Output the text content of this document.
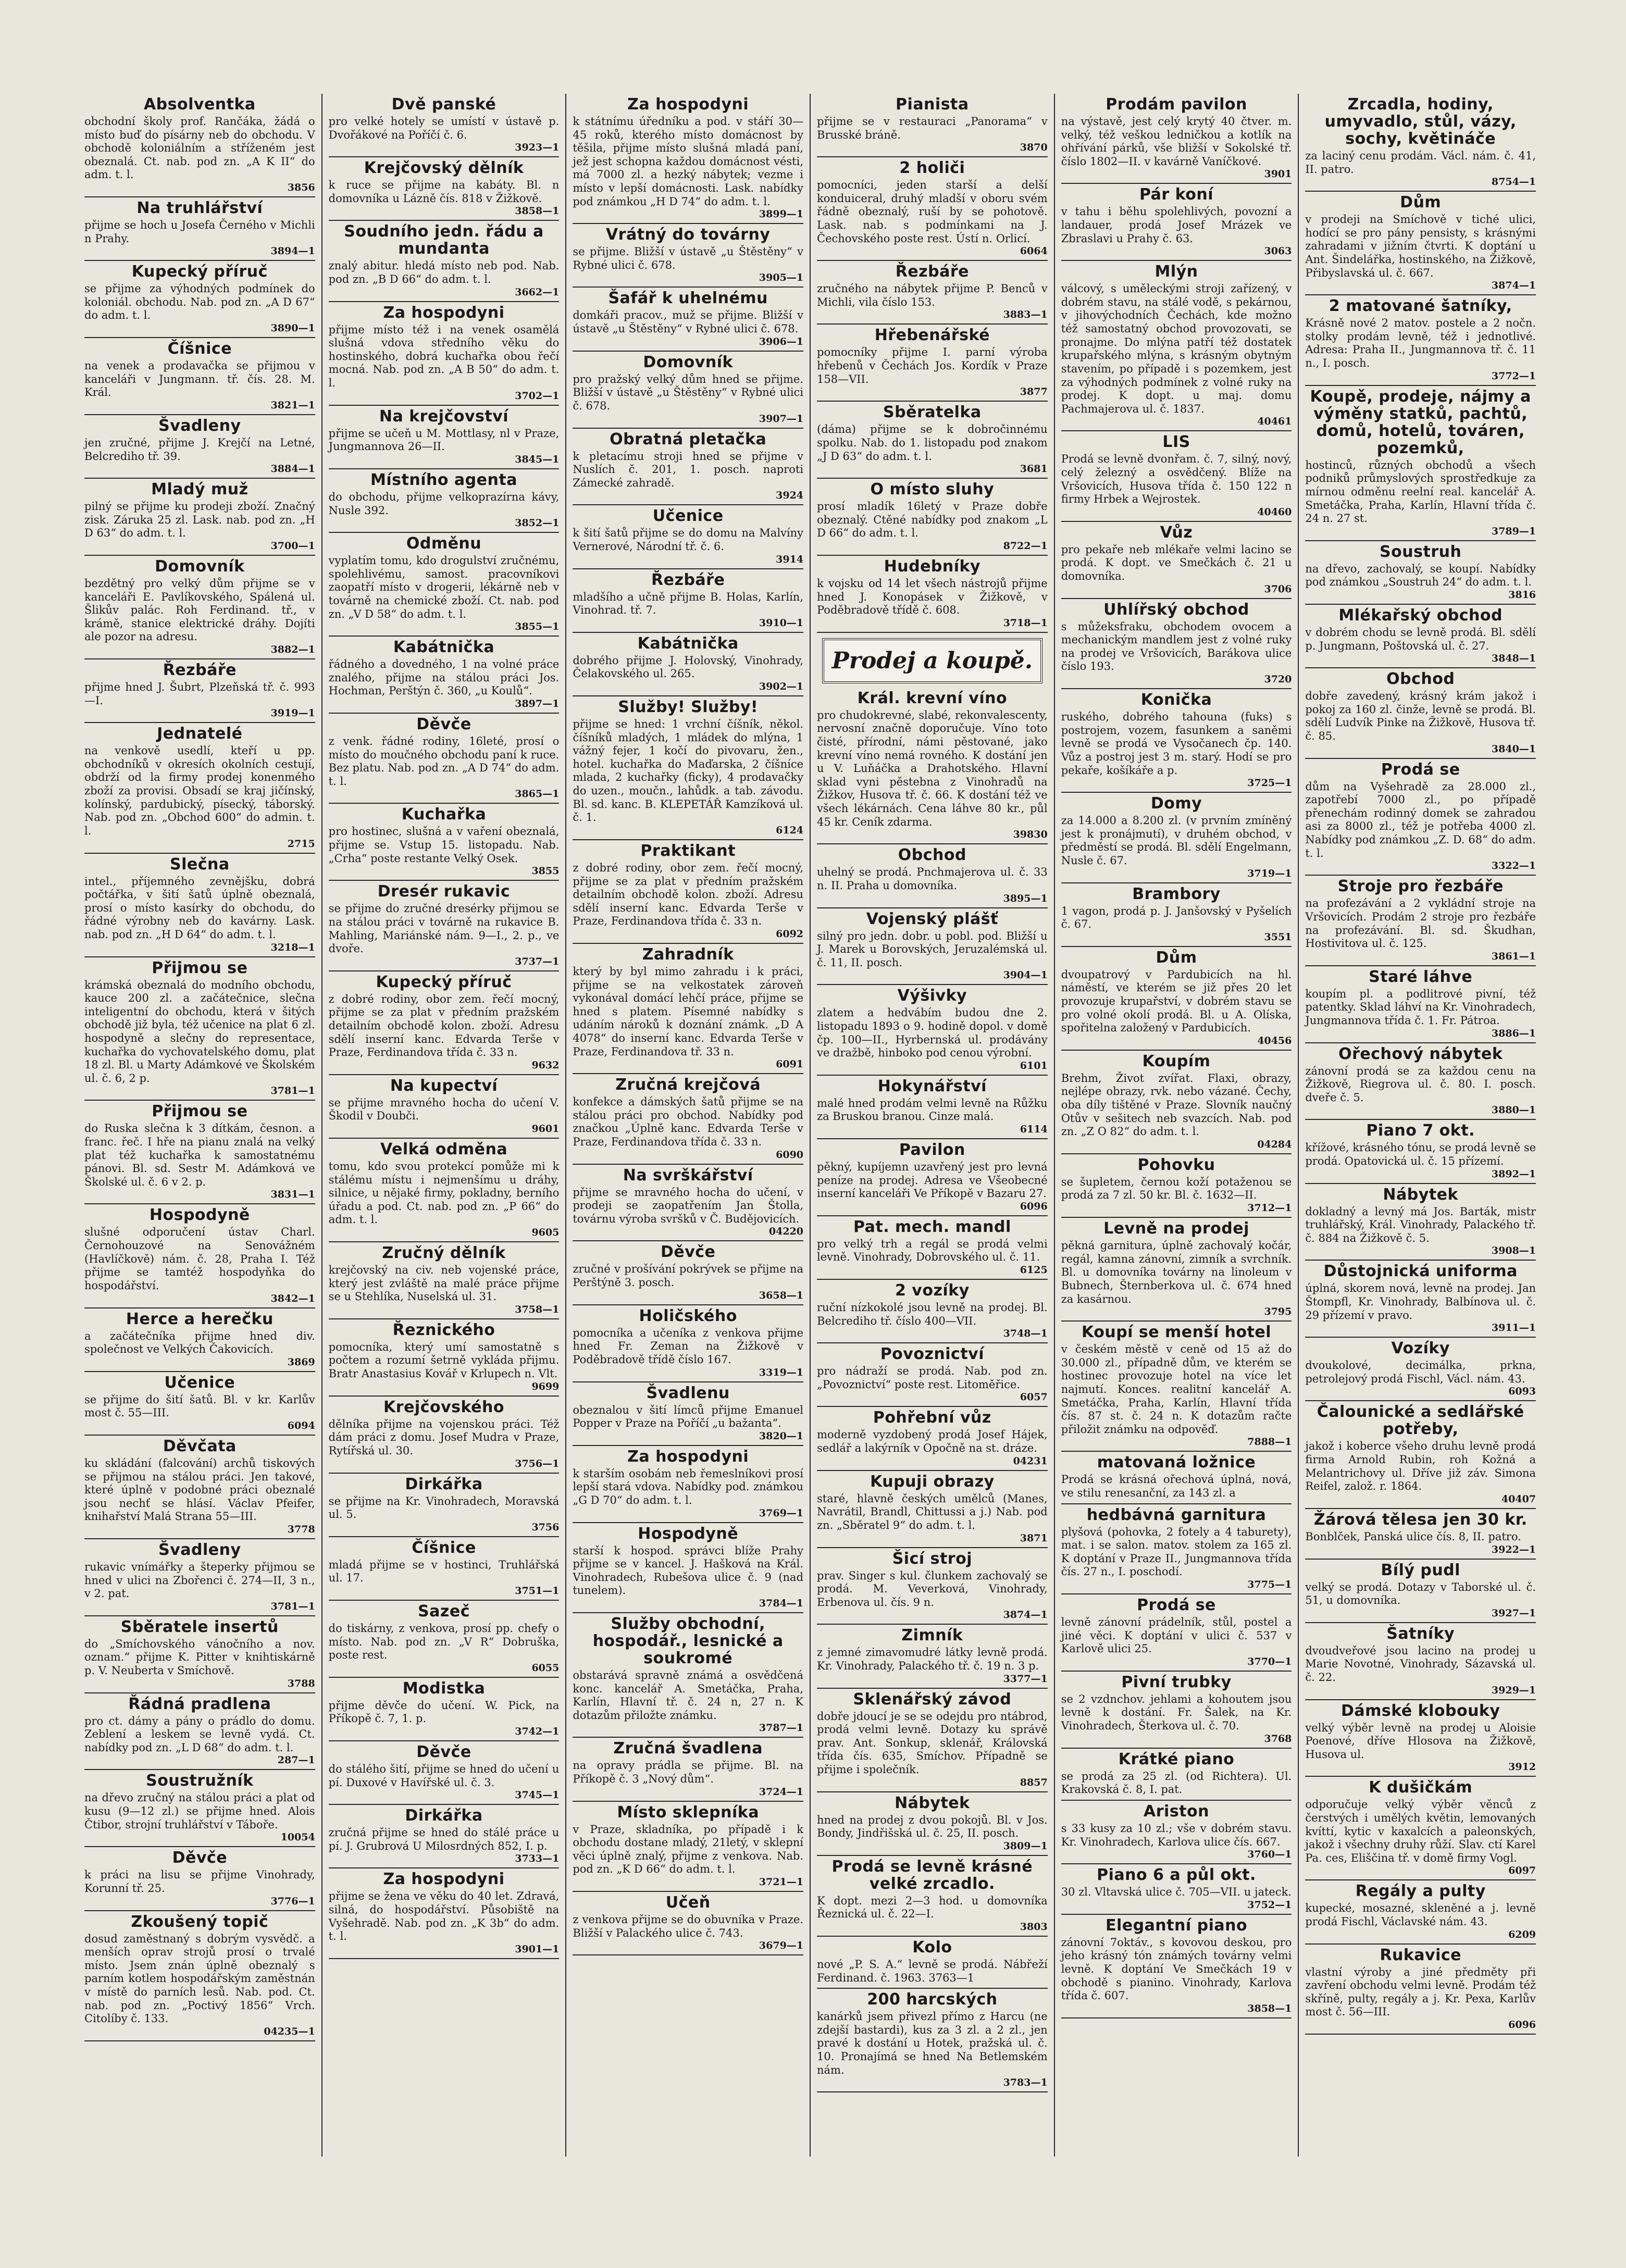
Absolventka

obchodní školy prof. Rančáka, žádá o místo buď do písárny neb do obchodu. V obchodě koloniálním a stříženém jest obeznalá. Ct. nab. pod zn. „A K II“ do adm. t. l.

3856
Na truhlářství

přijme se hoch u Josefa Černého v Michli n Prahy.

3894—1
Kupecký příruč

se přijme za výhodných podmínek do koloniál. obchodu. Nab. pod zn. „A D 67“ do adm. t. l.

3890—1
Číšnice

na venek a prodavačka se přijmou v kanceláři v Jungmann. tř. čís. 28. M. Král.

3821—1
Švadleny

jen zručné, přijme J. Krejčí na Letné, Belcrediho tř. 39.

3884—1
Mladý muž

pilný se přijme ku prodeji zboží. Značný zisk. Záruka 25 zl. Lask. nab. pod zn. „H D 63“ do adm. t. l.

3700—1
Domovník

bezdětný pro velký dům přijme se v kanceláři E. Pavlíkovského, Spálená ul. Šlikův palác. Roh Ferdinand. tř., v krámě, stanice elektrické dráhy. Dojíti ale pozor na adresu.

3882—1
Řezbáře

přijme hned J. Šubrt, Plzeňská tř. č. 993—I.

3919—1
Jednatelé

na venkově usedlí, kteří u pp. obchodníků v okresích okolních cestují, obdrží od la firmy prodej konenmého zboží za provisi. Obsadí se kraj jičínský, kolínský, pardubický, písecký, táborský. Nab. pod zn. „Obchod 600“ do admin. t. l.

2715
Slečna

intel., příjemného zevnějšku, dobrá počtářka, v šití šatů úplně obeznalá, prosí o místo kasírky do obchodu, do řádné výrobny neb do kavárny. Lask. nab. pod zn. „H D 64“ do adm. t. l.

3218—1
Přijmou se

krámská obeznalá do modního obchodu, kauce 200 zl. a začátečnice, slečna inteligentní do obchodu, která v šitých obchodě již byla, též učenice na plat 6 zl. hospodyně a slečny do representace, kuchařka do vychovatelského domu, plat 18 zl. Bl. u Marty Adámkové ve Školském ul. č. 6, 2 p.

3781—1
Přijmou se

do Ruska slečna k 3 dítkám, česnon. a franc. řeč. I hře na pianu znalá na velký plat též kuchařka k samostatnému pánovi. Bl. sd. Sestr M. Adámková ve Školské ul. č. 6 v 2. p.

3831—1
Hospodyně

slušné odporučení ústav Charl. Černohouzové na Senovážném (Havlíčkově) nám. č. 28, Praha I. Též přijme se tamtéž hospodyňka do hospodářství.

3842—1
Herce a herečku

a začátečníka přijme hned div. společnost ve Velkých Čakovicích.

3869
Učenice

se přijme do šití šatů. Bl. v kr. Karlův most č. 55—III.

6094
Děvčata

ku skládání (falcování) archů tiskových se přijmou na stálou práci. Jen takové, které úplně v podobné práci obeznalé jsou nechť se hlásí. Václav Pfeifer, knihařství Malá Strana 55—III.

3778
Švadleny

rukavic vnímářky a šteperky přijmou se hned v ulici na Zbořenci č. 274—II, 3 n., v 2. pat.

3781—1
Sběratele insertů

do „Smíchovského vánočního a nov. oznam.“ přijme K. Pitter v knihtiskárně p. V. Neuberta v Smíchově.

3788
Řádná pradlena

pro ct. dámy a pány o prádlo do domu. Zeblení a leskem se levně vydá. Ct. nabídky pod zn. „L D 68“ do adm. t. l.

287—1
Soustružník

na dřevo zručný na stálou práci a plat od kusu (9—12 zl.) se přijme hned. Alois Čtibor, strojní truhlářství v Táboře.

10054
Děvče

k práci na lisu se přijme Vinohrady, Korunní tř. 25.

3776—1
Zkoušený topič

dosud zaměstnaný s dobrým vysvědč. a menších oprav strojů prosí o trvalé místo. Jsem znán úplně obeznalý s parním kotlem hospodářským zaměstnán v místě do parních lesů. Nab. pod. Ct. nab. pod zn. „Poctivý 1856“ Vrch. Citolíby č. 133.

04235—1
Dvě panské

pro velké hotely se umístí v ústavě p. Dvořákové na Poříčí č. 6.

3923—1
Krejčovský dělník

k ruce se přijme na kabáty. Bl. n domovníka u Lázně čís. 818 v Žižkově.

3858—1
Soudního jedn. řádu a mundanta

znalý abitur. hledá místo neb pod. Nab. pod zn. „B D 66“ do adm. t. l.

3662—1
Za hospodyni

přijme místo též i na venek osamělá slušná vdova středního věku do hostinského, dobrá kuchařka obou řečí mocná. Nab. pod zn. „A B 50“ do adm. t. l.

3702—1
Na krejčovství

přijme se učeň u M. Mottlasy, nl v Praze, Jungmannova 26—II.

3845—1
Místního agenta

do obchodu, přijme velkoprazírna kávy, Nusle 392.

3852—1
Odměnu

vyplatím tomu, kdo drogulství zručnému, spolehlivému, samost. pracovníkovi zaopatří místo v drogerii, lékárně neb v továrně na chemické zboží. Ct. nab. pod zn. „V D 58“ do adm. t. l.

3855—1
Kabátnička

řádného a dovedného, 1 na volné práce znalého, přijme na stálou práci Jos. Hochman, Perštýn č. 360, „u Koulů“.

3897—1
Děvče

z venk. řádné rodiny, 16leté, prosí o místo do moučného obchodu paní k ruce. Bez platu. Nab. pod zn. „A D 74“ do adm. t. l.

3865—1
Kuchařka

pro hostinec, slušná a v vaření obeznalá, přijme se. Vstup 15. listopadu. Nab. „Crha“ poste restante Velký Osek.

3855
Dresér rukavic

se přijme do zručné dresérky přijmou se na stálou práci v továrně na rukavice B. Mahling, Mariánské nám. 9—I., 2. p., ve dvoře.

3737—1
Kupecký příruč

z dobré rodiny, obor zem. řečí mocný, přijme se za plat v předním pražském detailním obchodě kolon. zboží. Adresu sdělí inserní kanc. Edvarda Terše v Praze, Ferdinandova třída č. 33 n.

9632
Na kupectví

se přijme mravného hocha do učení V. Škodil v Doubči.

9601
Velká odměna

tomu, kdo svou protekcí pomůže mi k stálému místu i nejmenšímu u dráhy, silnice, u nějaké firmy, pokladny, berního úřadu a pod. Ct. nab. pod zn. „P 66“ do adm. t. l.

9605
Zručný dělník

krejčovský na civ. neb vojenské práce, který jest zvláště na malé práce přijme se u Stehlíka, Nuselská ul. 31.

3758—1
Řeznického

pomocníka, který umí samostatně s počtem a rozumí šetrně vykláda přijmu. Bratr Anastasius Kovář v Krlupech n. Vlt.

9699
Krejčovského

dělníka přijme na vojenskou práci. Též dám práci z domu. Josef Mudra v Praze, Rytířská ul. 30.

3756—1
Dirkářka

se přijme na Kr. Vinohradech, Moravská ul. 5.

3756
Číšnice

mladá přijme se v hostinci, Truhlářská ul. 17.

3751—1
Sazeč

do tiskárny, z venkova, prosí pp. chefy o místo. Nab. pod zn. „V R“ Dobruška, poste rest.

6055
Modistka

přijme děvče do učení. W. Pick, na Příkopě č. 7, 1. p.

3742—1
Děvče

do stálého šití, přijme se hned do učení u pí. Duxové v Havířské ul. č. 3.

3745—1
Dirkářka

zručná přijme se hned do stálé práce u pí. J. Grubrová U Milosrdných 852, I. p.

3733—1
Za hospodyni

přijme se žena ve věku do 40 let. Zdravá, silná, do hospodářství. Působiště na Vyšehradě. Nab. pod zn. „K 3b“ do adm. t. l.

3901—1
Za hospodyni

k státnímu úředníku a pod. v stáří 30—45 roků, kterého místo domácnost by těšila, přijme místo slušná mladá paní, jež jest schopna každou domácnost vésti, má 7000 zl. a hezký nábytek; vezme i místo v lepší domácnosti. Lask. nabídky pod známkou „H D 74“ do adm. t. l.

3899—1
Vrátný do továrny

se přijme. Bližší v ústavě „u Štěstěny“ v Rybné ulici č. 678.

3905—1
Šafář k uhelnému

domkáři pracov., muž se přijme. Bližší v ústavě „u Štěstěny“ v Rybné ulici č. 678.

3906—1
Domovník

pro pražský velký dům hned se přijme. Bližší v ústavě „u Štěstěny“ v Rybné ulici č. 678.

3907—1
Obratná pletačka

k pletacímu stroji hned se přijme v Nuslích č. 201, 1. posch. naproti Zámecké zahradě.

3924
Učenice

k šití šatů přijme se do domu na Malvíny Vernerové, Národní tř. č. 6.

3914
Řezbáře

mladšího a učně přijme B. Holas, Karlín, Vinohrad. tř. 7.

3910—1
Kabátnička

dobrého přijme J. Holovský, Vinohrady, Čelakovského ul. 265.

3902—1
Služby! Služby!

přijme se hned: 1 vrchní číšník, někol. číšníků mladých, 1 mládek do mlýna, 1 vážný fejer, 1 kočí do pivovaru, žen., hotel. kuchařka do Maďarska, 2 číšníce mlada, 2 kuchařky (ficky), 4 prodavačky do uzen., moučn., lahůdk. a tab. závodu. Bl. sd. kanc. B. KLEPETÁŘ Kamzíková ul. č. 1.

6124
Praktikant

z dobré rodiny, obor zem. řečí mocný, přijme se za plat v předním pražském detailním obchodě kolon. zboží. Adresu sdělí inserní kanc. Edvarda Terše v Praze, Ferdinandova třída č. 33 n.

6092
Zahradník

který by byl mimo zahradu i k práci, přijme se na velkostatek zároveň vykonával domácí lehčí práce, přijme se hned s platem. Písemné nabídky s udáním nároků k doznání známk. „D A 4078“ do inserní kanc. Edvarda Terše v Praze, Ferdinandova tř. 33 n.

6091
Zručná krejčová

konfekce a dámských šatů přijme se na stálou práci pro obchod. Nabídky pod značkou „Úplně kanc. Edvarda Terše v Praze, Ferdinandova třída č. 33 n.

6090
Na svrškářství

přijme se mravného hocha do učení, v prodeji se zaopatřením Jan Štolla, továrnu výroba svršků v Č. Budějovicích.

04220
Děvče

zručné v prošívání pokrývek se přijme na Perštýně 3. posch.

3658—1
Holičského

pomocníka a učeníka z venkova přijme hned Fr. Zeman na Žižkově v Poděbradově třídě číslo 167.

3319—1
Švadlenu

obeznalou v šití límců přijme Emanuel Popper v Praze na Poříčí „u bažanta“.

3820—1
Za hospodyni

k starším osobám neb řemeslníkovi prosí lepší stará vdova. Nabídky pod. známkou „G D 70“ do adm. t. l.

3769—1
Hospodyně

starší k hospod. správci blíže Prahy přijme se v kancel. J. Hašková na Král. Vinohradech, Rubešova ulice č. 9 (nad tunelem).

3784—1
Služby obchodní, hospodář., lesnické a soukromé

obstarává spravně známá a osvědčená konc. kancelář A. Smetáčka, Praha, Karlín, Hlavní tř. č. 24 n, 27 n. K dotazům přiložte známku.

3787—1
Zručná švadlena

na opravy prádla se přijme. Bl. na Příkopě č. 3 „Nový dům“.

3724—1
Místo sklepníka

v Praze, skladníka, po případě i k obchodu dostane mladý, 21letý, v sklepní věci úplně znalý, přijme z venkova. Nab. pod zn. „K D 66“ do adm. t. l.

3721—1
Učeň

z venkova přijme se do obuvníka v Praze. Bližší v Palackého ulice č. 743.

3679—1
Pianista

přijme se v restauraci „Panorama“ v Brusské bráně.

3870
2 holiči

pomocníci, jeden starší a delší konduiceral, druhý mladší v oboru svém řádně obeznalý, ruší by se pohotově. Lask. nab. s podmínkami na J. Čechovského poste rest. Ústí n. Orlicí.

6064
Řezbáře

zručného na nábytek přijme P. Benců v Michli, vila číslo 153.

3883—1
Hřebenářské

pomocníky přijme I. parní výroba hřebenů v Čechách Jos. Kordík v Praze 158—VII.

3877
Sběratelka

(dáma) přijme se k dobročinnému spolku. Nab. do 1. listopadu pod znakom „J D 63“ do adm. t. l.

3681
O místo sluhy

prosí mladík 16letý v Praze dobře obeznalý. Ctěné nabídky pod znakom „L D 66“ do adm. t. l.

8722—1
Hudebníky

k vojsku od 14 let všech nástrojů přijme hned J. Konopásek v Žižkově, v Poděbradově třídě č. 608.

3718—1
Prodej a koupě.
Král. krevní víno

pro chudokrevné, slabé, rekonvalescenty, nervosní značně doporučuje. Víno toto čisté, přírodní, námi pěstované, jako krevní víno nemá rovného. K dostání jen u V. Luňáčka a Drahotského. Hlavní sklad vyni pěstebna z Vinohradů na Žižkov, Husova tř. č. 66. K dostání též ve všech lékárnách. Cena láhve 80 kr., půl 45 kr. Ceník zdarma.

39830
Obchod

uhelný se prodá. Pnchmajerova ul. č. 33 n. II. Praha u domovníka.

3895—1
Vojenský plášť

silný pro jedn. dobr. u pobl. pod. Bližší u J. Marek u Borovských, Jeruzalémská ul. č. 11, II. posch.

3904—1
Výšivky

zlatem a hedvábím budou dne 2. listopadu 1893 o 9. hodině dopol. v domě čp. 100—II., Hyrbernská ul. prodávány ve dražbě, hinboko pod cenou výrobní.

6101
Hokynářství

malé hned prodám velmi levně na Růžku za Bruskou branou. Cinze malá.

6114
Pavilon

pěkný, kupíjemn uzavřený jest pro levná peníze na prodej. Adresa ve Všeobecné inserní kanceláři Ve Příkopě v Bazaru 27.

6096
Pat. mech. mandl

pro velký trh a regál se prodá velmi levně. Vinohrady, Dobrovského ul. č. 11.

6125
2 vozíky

ruční nízkokolé jsou levně na prodej. Bl. Belcrediho tř. číslo 400—VII.

3748—1
Povoznictví

pro nádraží se prodá. Nab. pod zn. „Povoznictví“ poste rest. Litoměřice.

6057
Pohřební vůz

moderně vyzdobený prodá Josef Hájek, sedlář a lakýrník v Opočně na st. dráze.

04231
Kupuji obrazy

staré, hlavně českých umělců (Manes, Navrátil, Brandl, Chittussi a j.) Nab. pod zn. „Sběratel 9“ do adm. t. l.

3871
Šicí stroj

prav. Singer s kul. člunkem zachovalý se prodá. M. Veverková, Vinohrady, Erbenova ul. čís. 9 n.

3874—1
Zimník

z jemné zimavomudré látky levně prodá. Kr. Vinohrady, Palackého tř. č. 19 n. 3 p.

3377—1
Sklenářský závod

dobře jdoucí je se se odejdu pro ntábrod, prodá velmi levně. Dotazy ku správě prav. Ant. Sonkup, sklenář, Královská třída čís. 635, Smíchov. Případně se přijme i společník.

8857
Nábytek

hned na prodej z dvou pokojů. Bl. v Jos. Bondy, Jindřišská ul. č. 25, II. posch.

3809—1
Prodá se levně krásné velké zrcadlo.

K dopt. mezi 2—3 hod. u domovníka Řeznická ul. č. 22—I.

3803
Kolo

nové „P. S. A.“ levně se prodá. Nábřeží Ferdinand. č. 1963. 3763—1

200 harcských

kanárků jsem přivezl přímo z Harcu (ne zdejší bastardi), kus za 3 zl. a 2 zl., jen pravé k dostání u Hotek, pražská ul. č. 10. Pronajímá se hned Na Betlemském nám.

3783—1
Prodám pavilon

na výstavě, jest celý krytý 40 čtver. m. velký, též veškou ledničkou a kotlík na ohřívání párků, vše bližší v Sokolské tř. číslo 1802—II. v kavárně Vaníčkové.

3901
Pár koní

v tahu i běhu spolehlivých, povozní a landauer, prodá Josef Mrázek ve Zbraslavi u Prahy č. 63.

3063
Mlýn

válcový, s uměleckými stroji zařízený, v dobrém stavu, na stálé vodě, s pekárnou, v jihovýchodních Čechách, kde možno též samostatný obchod provozovati, se pronajme. Do mlýna patří též dostatek krupařského mlýna, s krásným obytným stavením, po případě i s pozemkem, jest za výhodných podmínek z volné ruky na prodej. K dopt. u maj. domu Pachmajerova ul. č. 1837.

40461
LIS

Prodá se levně dvonřam. č. 7, silný, nový, celý železný a osvědčený. Blíže na Vršovicích, Husova třída č. 150 122 n firmy Hrbek a Wejrostek.

40460
Vůz

pro pekaře neb mlékaře velmi lacino se prodá. K dopt. ve Smečkách č. 21 u domovníka.

3706
Uhlířský obchod

s můžeksfraku, obchodem ovocem a mechanickým mandlem jest z volné ruky na prodej ve Vršovicích, Barákova ulice číslo 193.

3720
Konička

ruského, dobrého tahouna (fuks) s postrojem, vozem, fasunkem a saněmi levně se prodá ve Vysočanech čp. 140. Vůz a postroj jest 3 m. starý. Hodí se pro pekaře, košíkáře a p.

3725—1
Domy

za 14.000 a 8.200 zl. (v prvním zmíněný jest k pronájmutí), v druhém obchod, v předměstí se prodá. Bl. sdělí Engelmann, Nusle č. 67.

3719—1
Brambory

1 vagon, prodá p. J. Janšovský v Pyšelích č. 67.

3551
Dům

dvoupatrový v Pardubicích na hl. náměstí, ve kterém se již přes 20 let provozuje krupařství, v dobrém stavu se pro volné okolí prodá. Bl. u A. Olíska, spořitelna založený v Pardubicích.

40456
Koupím

Brehm, Život zvířat. Flaxi, obrazy, nejlépe obrazy, rvk. nebo vázané. Čechy, oba díly tištěné v Praze. Slovník naučný Otův v sešitech neb svazcích. Nab. pod zn. „Z O 82“ do adm. t. l.

04284
Pohovku

se šupletem, černou koží potaženou se prodá za 7 zl. 50 kr. Bl. č. 1632—II.

3712—1
Levně na prodej

pěkná garnitura, úplně zachovalý kočár, regál, kamna zánovní, zimník a svrchník. Bl. u domovníka továrny na linoleum v Bubnech, Šternberkova ul. č. 674 hned za kasárnou.

3795
Koupí se menší hotel

v českém městě v ceně od 15 až do 30.000 zl., případně dům, ve kterém se hostinec provozuje hotel na více let najmutí. Konces. realitní kancelář A. Smetáčka, Praha, Karlín, Hlavní třída čís. 87 st. č. 24 n. K dotazům račte přiložit známku na odpověď.

7888—1
matovaná ložnice

Prodá se krásná ořechová úplná, nová, ve stilu renesanční, za 143 zl. a

hedbávná garnitura

plyšová (pohovka, 2 fotely a 4 taburety), mat. i se salon. matov. stolem za 165 zl. K doptání v Praze II., Jungmannova třída čís. 27 n., I. poschodí.

3775—1
Prodá se

levně zánovní prádelník, stůl, postel a jiné věci. K doptání v ulici č. 537 v Karlově ulici 25.

3770—1
Pivní trubky

se 2 vzdnchov. jehlami a kohoutem jsou levně k dostání. Fr. Šalek, na Kr. Vinohradech, Šterkova ul. č. 70.

3768
Krátké piano

se prodá za 25 zl. (od Richtera). Ul. Krakovská č. 8, I. pat.

Ariston

s 33 kusy za 10 zl.; vše v dobrém stavu. Kr. Vinohradech, Karlova ulice čís. 667.

3760—1
Piano 6 a půl okt.

30 zl. Vltavská ulice č. 705—VII. u jateck.

3752—1
Elegantní piano

zánovní 7oktáv., s kovovou deskou, pro jeho krásný tón známých továrny velmi levně. K doptání Ve Smečkách 19 v obchodě s pianino. Vinohrady, Karlova třída č. 607.

3858—1
Zrcadla, hodiny, umyvadlo, stůl, vázy, sochy, květináče

za laciný cenu prodám. Václ. nám. č. 41, II. patro.

8754—1
Dům

v prodeji na Smíchově v tiché ulici, hodící se pro pány pensisty, s krásnými zahradami v jižním čtvrti. K doptání u Ant. Šindelářka, hostinského, na Žižkově, Přibyslavská ul. č. 667.

3874—1
2 matované šatníky,

Krásně nové 2 matov. postele a 2 nočn. stolky prodám levně, též i jednotlivé. Adresa: Praha II., Jungmannova tř. č. 11 n., I. posch.

3772—1
Koupě, prodeje, nájmy a výměny statků, pachtů, domů, hotelů, továren, pozemků,

hostinců, různých obchodů a všech podniků průmyslových sprostředkuje za mírnou odměnu reelní real. kancelář A. Smetáčka, Praha, Karlín, Hlavní třída č. 24 n. 27 st.

3789—1
Soustruh

na dřevo, zachovalý, se koupí. Nabídky pod známkou „Soustruh 24“ do adm. t. l.

3816
Mlékařský obchod

v dobrém chodu se levně prodá. Bl. sdělí p. Jungmann, Poštovská ul. č. 27.

3848—1
Obchod

dobře zavedený, krásný krám jakož i pokoj za 160 zl. činže, levně se prodá. Bl. sdělí Ludvík Pinke na Žižkově, Husova tř. č. 85.

3840—1
Prodá se

dům na Vyšehradě za 28.000 zl., zapotřebí 7000 zl., po případě přenechám rodinný domek se zahradou asi za 8000 zl., též je potřeba 4000 zl. Nabídky pod známkou „Z. D. 68“ do adm. t. l.

3322—1
Stroje pro řezbáře

na profezávání a 2 vykládní stroje na Vršovicích. Prodám 2 stroje pro řezbáře na profezávání. Bl. sd. Škudhan, Hostivitova ul. č. 125.

3861—1
Staré láhve

koupím pl. a podlitrové pivní, též patentky. Sklad láhví na Kr. Vinohradech, Jungmannova třída č. 1. Fr. Pátroa.

3886—1
Ořechový nábytek

zánovní prodá se za každou cenu na Žižkově, Riegrova ul. č. 80. I. posch. dveře č. 5.

3880—1
Piano 7 okt.

křížové, krásného tónu, se prodá levně se prodá. Opatovická ul. č. 15 přízemí.

3892—1
Nábytek

dokladný a levný má Jos. Barták, mistr truhlářský, Král. Vinohrady, Palackého tř. č. 884 na Žižkově č. 5.

3908—1
Důstojnická uniforma

úplná, skorem nová, levně na prodej. Jan Štompfl, Kr. Vinohrady, Balbínova ul. č. 29 přízemí v pravo.

3911—1
Vozíky

dvoukolové, decimálka, prkna, petrolejový prodá Fischl, Václ. nám. 43.

6093
Čalounické a sedlářské potřeby,

jakož i koberce všeho druhu levně prodá firma Arnold Rubin, roh Kožná a Melantrichovy ul. Dříve již záv. Simona Reifel, založ. r. 1864.

40407
Žárová tělesa jen 30 kr.

Bonblček, Panská ulice čís. 8, II. patro.

3922—1
Bílý pudl

velký se prodá. Dotazy v Taborské ul. č. 51, u domovníka.

3927—1
Šatníky

dvoudveřové jsou lacino na prodej u Marie Novotné, Vinohrady, Sázavská ul. č. 22.

3929—1
Dámské klobouky

velký výběr levně na prodej u Aloisie Poenové, dříve Hlosova na Žižkově, Husova ul.

3912
K dušičkám

odporučuje velký výběr věnců z čerstvých i umělých květin, lemovaných kvíttí, kytic v kaxalcích a paleonských, jakož i všechny druhy růží. Slav. ctí Karel Pa. ces, Eliščina tř. v domě firmy Vogl.

6097
Regály a pulty

kupecké, mosazné, skleněné a j. levně prodá Fischl, Václavské nám. 43.

6209
Rukavice

vlastní výroby a jiné předměty při zavření obchodu velmi levně. Prodám též skříně, pulty, regály a j. Kr. Pexa, Karlův most č. 56—III.

6096
